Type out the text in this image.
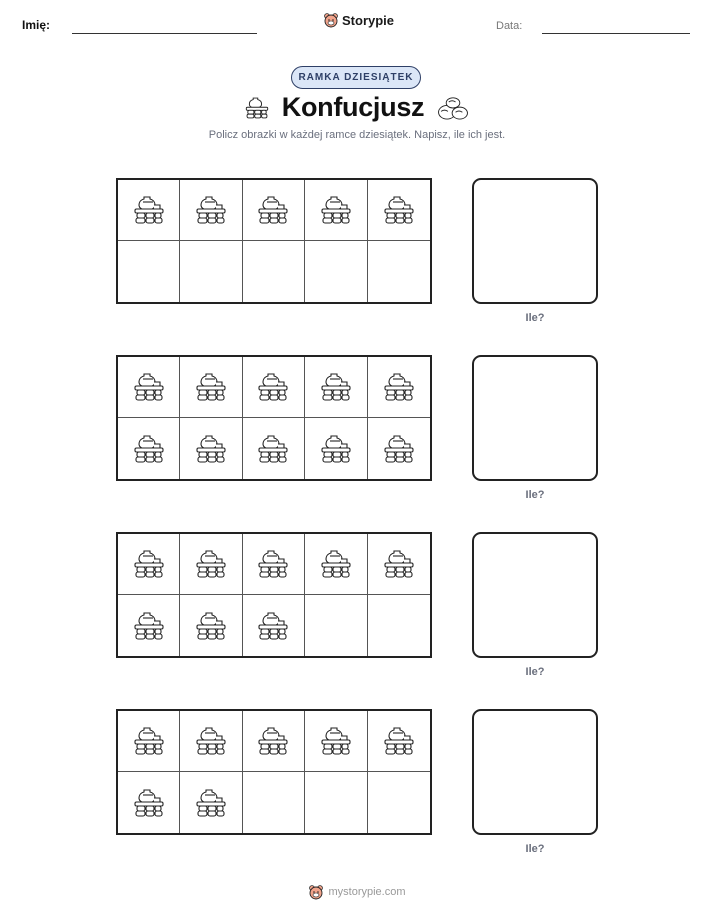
Imię:	Storypie	Data:
RAMKA DZIESIĄTEK
Konfucjusz
Policz obrazki w każdej ramce dziesiątek. Napisz, ile ich jest.
Ile?
Ile?
Ile?
Ile?
mystorypie.com
